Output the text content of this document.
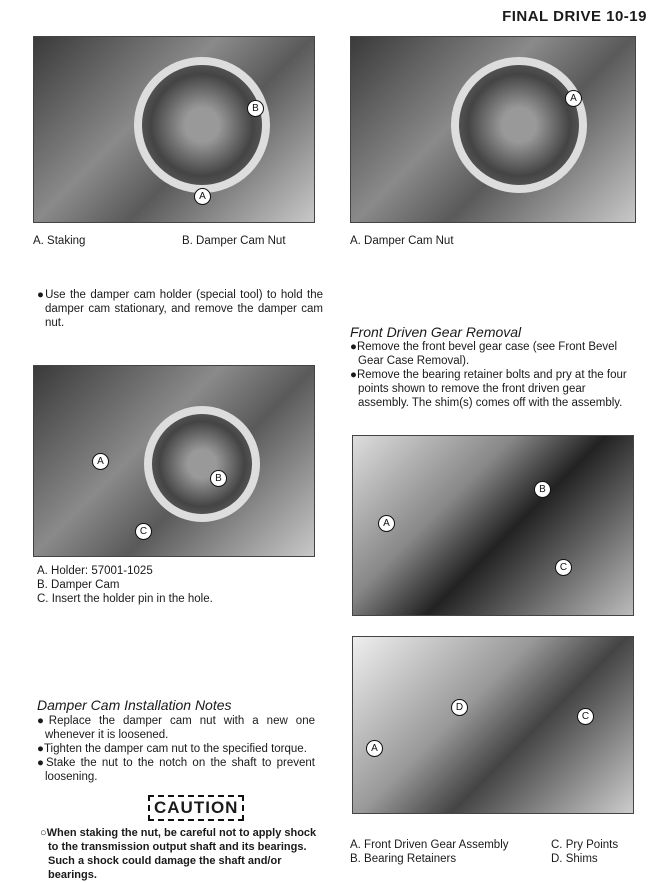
FINAL DRIVE 10-19
B
A
A. Staking	B. Damper Cam Nut
A
A. Damper Cam Nut
●Use the damper cam holder (special tool) to hold the damper cam stationary, and remove the damper cam nut.
A
B
C
A. Holder: 57001-1025
B. Damper Cam
C. Insert the holder pin in the hole.
Damper Cam Installation Notes
●Replace the damper cam nut with a new one whenever it is loosened.
●Tighten the damper cam nut to the specified torque.
●Stake the nut to the notch on the shaft to prevent loosening.
CAUTION
○When staking the nut, be careful not to apply shock to the transmission output shaft and its bearings. Such a shock could damage the shaft and/or bearings.
Front Driven Gear Removal
●Remove the front bevel gear case (see Front Bevel Gear Case Removal).
●Remove the bearing retainer bolts and pry at the four points shown to remove the front driven gear assembly. The shim(s) comes off with the assembly.
B
A
C
D
C
A
A. Front Driven Gear Assembly
B. Bearing Retainers
C. Pry Points
D. Shims
